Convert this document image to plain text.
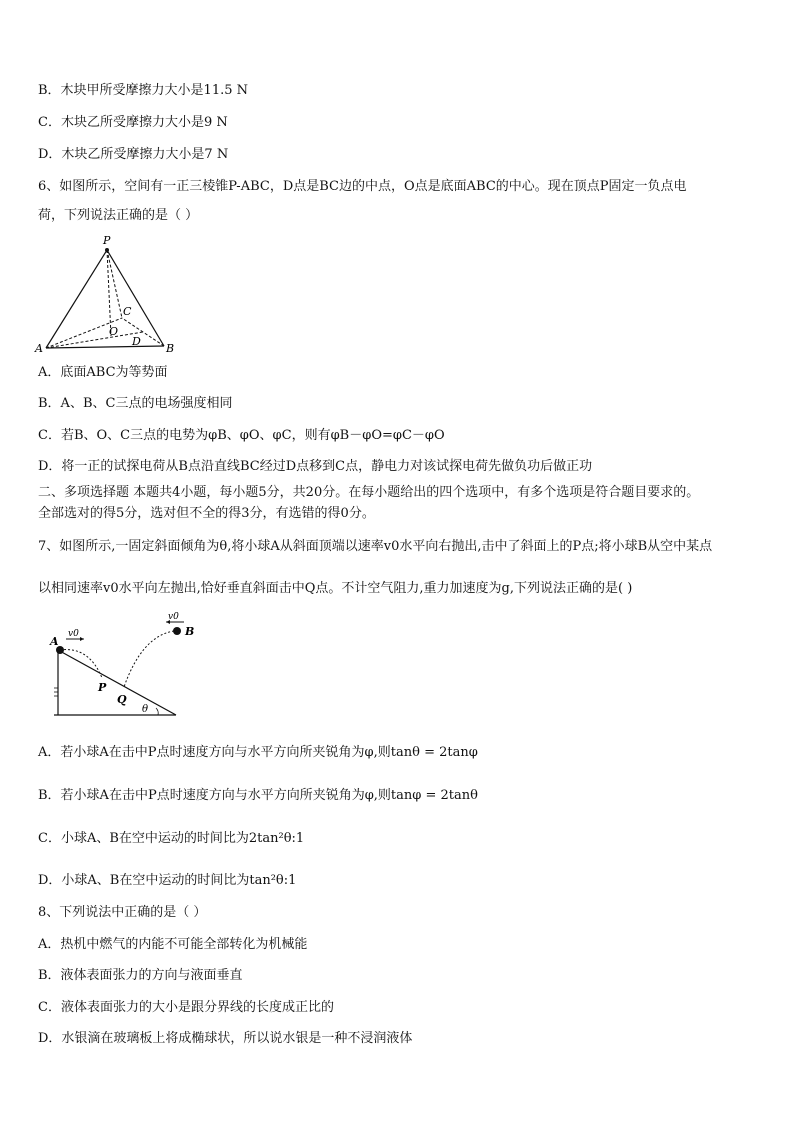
B．木块甲所受摩擦力大小是11.5 N
C．木块乙所受摩擦力大小是9 N
D．木块乙所受摩擦力大小是7 N
6、如图所示，空间有一正三棱锥P-ABC，D点是BC边的中点，O点是底面ABC的中心。现在顶点P固定一负点电
荷，下列说法正确的是（ ）
P
A	B
C
O
D
A．底面ABC为等势面
B．A、B、C三点的电场强度相同
C．若B、O、C三点的电势为φB、φO、φC，则有φB－φO=φC－φO
D．将一正的试探电荷从B点沿直线BC经过D点移到C点，静电力对该试探电荷先做负功后做正功
二、多项选择题 本题共4小题，每小题5分，共20分。在每小题给出的四个选项中，有多个选项是符合题目要求的。
全部选对的得5分，选对但不全的得3分，有选错的得0分。
7、如图所示,一固定斜面倾角为θ,将小球A从斜面顶端以速率v0水平向右抛出,击中了斜面上的P点;将小球B从空中某点
以相同速率v0水平向左抛出,恰好垂直斜面击中Q点。不计空气阻力,重力加速度为g,下列说法正确的是( )
A
B
v0
v0
P
Q
θ
A．若小球A在击中P点时速度方向与水平方向所夹锐角为φ,则tanθ = 2tanφ
B．若小球A在击中P点时速度方向与水平方向所夹锐角为φ,则tanφ = 2tanθ
C．小球A、B在空中运动的时间比为2tan²θ:1
D．小球A、B在空中运动的时间比为tan²θ:1
8、下列说法中正确的是（ ）
A．热机中燃气的内能不可能全部转化为机械能
B．液体表面张力的方向与液面垂直
C．液体表面张力的大小是跟分界线的长度成正比的
D．水银滴在玻璃板上将成椭球状，所以说水银是一种不浸润液体
